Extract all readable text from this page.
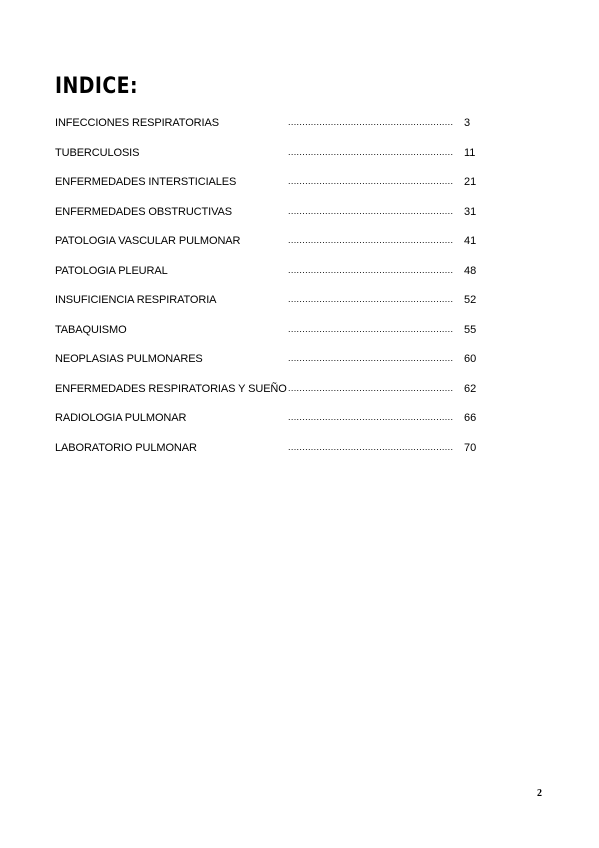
INDICE:
INFECCIONES RESPIRATORIAS	.......................................................... 3
TUBERCULOSIS	.......................................................... 11
ENFERMEDADES INTERSTICIALES	.......................................................... 21
ENFERMEDADES OBSTRUCTIVAS	.......................................................... 31
PATOLOGIA VASCULAR PULMONAR	.......................................................... 41
PATOLOGIA PLEURAL	.......................................................... 48
INSUFICIENCIA RESPIRATORIA	.......................................................... 52
TABAQUISMO	.......................................................... 55
NEOPLASIAS PULMONARES	.......................................................... 60
ENFERMEDADES RESPIRATORIAS Y SUEÑO .......................................................... 62
RADIOLOGIA PULMONAR	.......................................................... 66
LABORATORIO PULMONAR	.......................................................... 70
2
